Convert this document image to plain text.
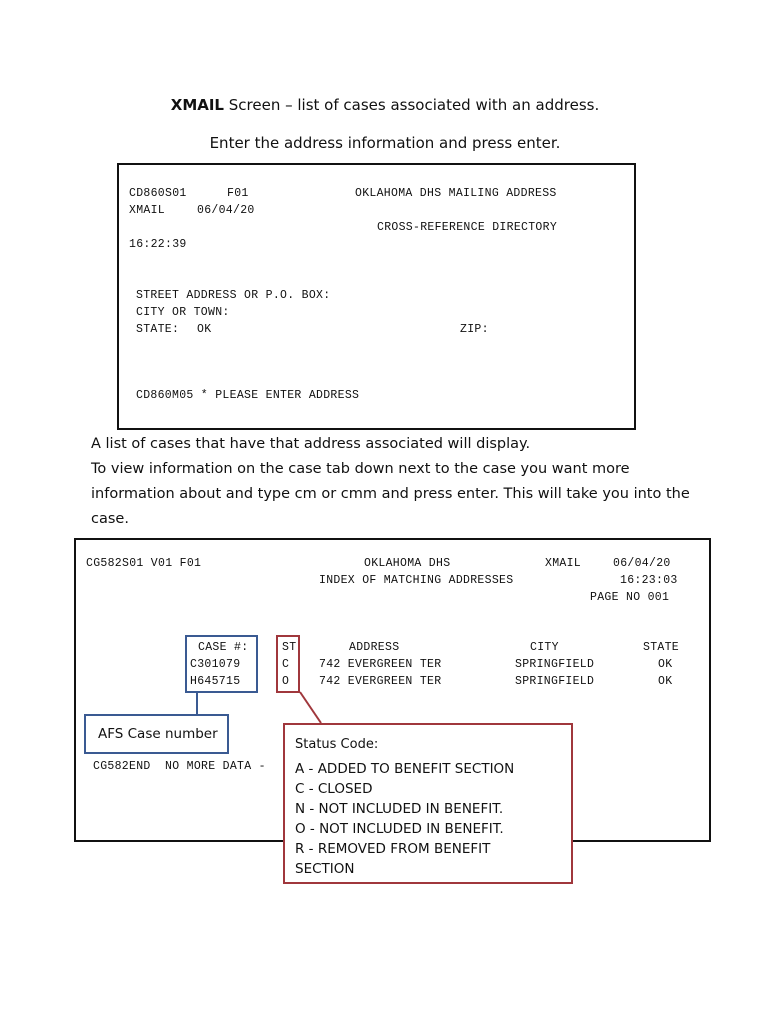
XMAIL Screen – list of cases associated with an address.
Enter the address information and press enter.
CD860S01	F01	OKLAHOMA DHS MAILING ADDRESS
XMAIL	06/04/20
CROSS-REFERENCE DIRECTORY
16:22:39
STREET ADDRESS OR P.O. BOX:
CITY OR TOWN:
STATE: OK	ZIP:
CD860M05 * PLEASE ENTER ADDRESS
A list of cases that have that address associated will display.
To view information on the case tab down next to the case you want more
information about and type cm or cmm and press enter. This will take you into the
case.
CG582S01 V01 F01	OKLAHOMA DHS	XMAIL	06/04/20
INDEX OF MATCHING ADDRESSES	16:23:03
PAGE NO 001
CASE #:	ST	ADDRESS	CITY	STATE
C301079	C	742 EVERGREEN TER	SPRINGFIELD	OK
H645715	O	742 EVERGREEN TER	SPRINGFIELD	OK
CG582END  NO MORE DATA -
AFS Case number
Status Code:
A - ADDED TO BENEFIT SECTION
C - CLOSED
N - NOT INCLUDED IN BENEFIT.
O - NOT INCLUDED IN BENEFIT.
R - REMOVED FROM BENEFIT
SECTION
